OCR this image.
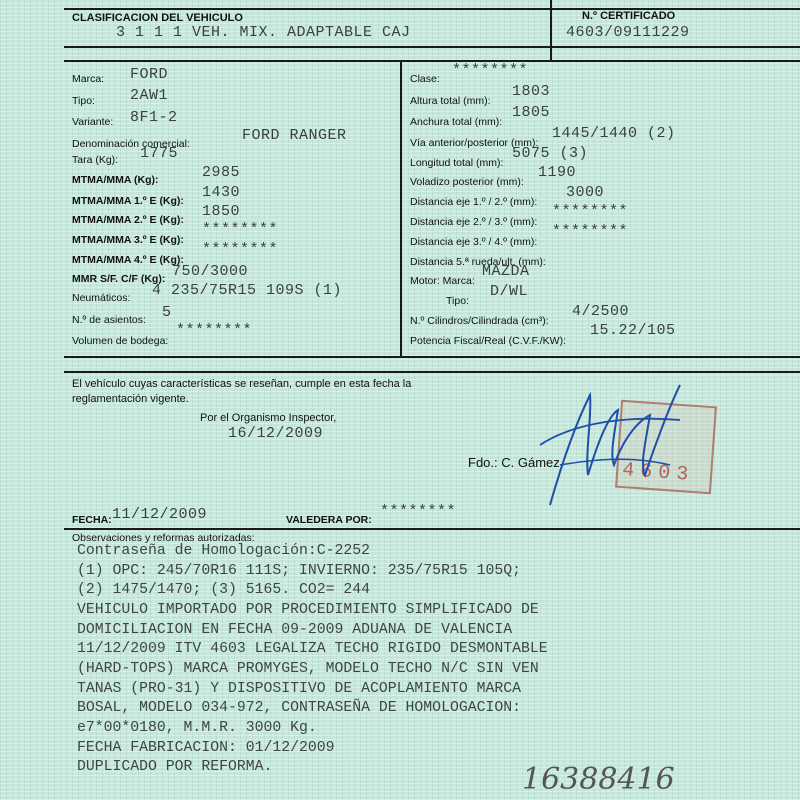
CLASIFICACION DEL VEHICULO
3 1 1 1 VEH. MIX. ADAPTABLE CAJ
N.º CERTIFICADO
4603/09111229
Marca: FORD
Tipo: 2AW1
Variante: 8F1-2
Denominación comercial:	FORD RANGER
Tara (Kg): 1775
MTMA/MMA (Kg):	2985
MTMA/MMA 1.º E (Kg): 1430
MTMA/MMA 2.º E (Kg): 1850
MTMA/MMA 3.º E (Kg):
********
MTMA/MMA 4.º E (Kg):
********
MMR S/F. C/F (Kg): 750/3000
Neumáticos: 4 235/75R15 109S (1)
N.º de asientos: 5
Volumen de bodega:
********
Clase: ********
Altura total (mm):
1803
Anchura total (mm):
1805
Vía anterior/posterior (mm):
1445/1440 (2)
Longitud total (mm):
5075 (3)
Voladizo posterior (mm):
1190
Distancia eje 1.º / 2.º (mm):
3000
Distancia eje 2.º / 3.º (mm):
********
Distancia eje 3.º / 4.º (mm):
********
Distancia 5.ª rueda/ult. (mm):
Motor: Marca:
MAZDA
Tipo:
D/WL
N.º Cilindros/Cilindrada (cm³):
4/2500
Potencia Fiscal/Real (C.V.F./KW):
15.22/105
El vehículo cuyas características se reseñan, cumple en esta fecha la
reglamentación vigente.
Por el Organismo Inspector,
16/12/2009
Fdo.: C. Gámez	4603
FECHA: 11/12/2009	VALEDERA POR: ********
Observaciones y reformas autorizadas:
Contraseña de Homologación:C-2252
(1) OPC: 245/70R16 111S; INVIERNO: 235/75R15 105Q;
(2) 1475/1470; (3) 5165. CO2= 244
VEHICULO IMPORTADO POR PROCEDIMIENTO SIMPLIFICADO DE
DOMICILIACION EN FECHA 09-2009 ADUANA DE VALENCIA
11/12/2009 ITV 4603 LEGALIZA TECHO RIGIDO DESMONTABLE
(HARD-TOPS) MARCA PROMYGES, MODELO TECHO N/C SIN VEN
TANAS (PRO-31) Y DISPOSITIVO DE ACOPLAMIENTO MARCA
BOSAL, MODELO 034-972, CONTRASEÑA DE HOMOLOGACION:
e7*00*0180, M.M.R. 3000 Kg.
FECHA FABRICACION: 01/12/2009
DUPLICADO POR REFORMA.	16388416
